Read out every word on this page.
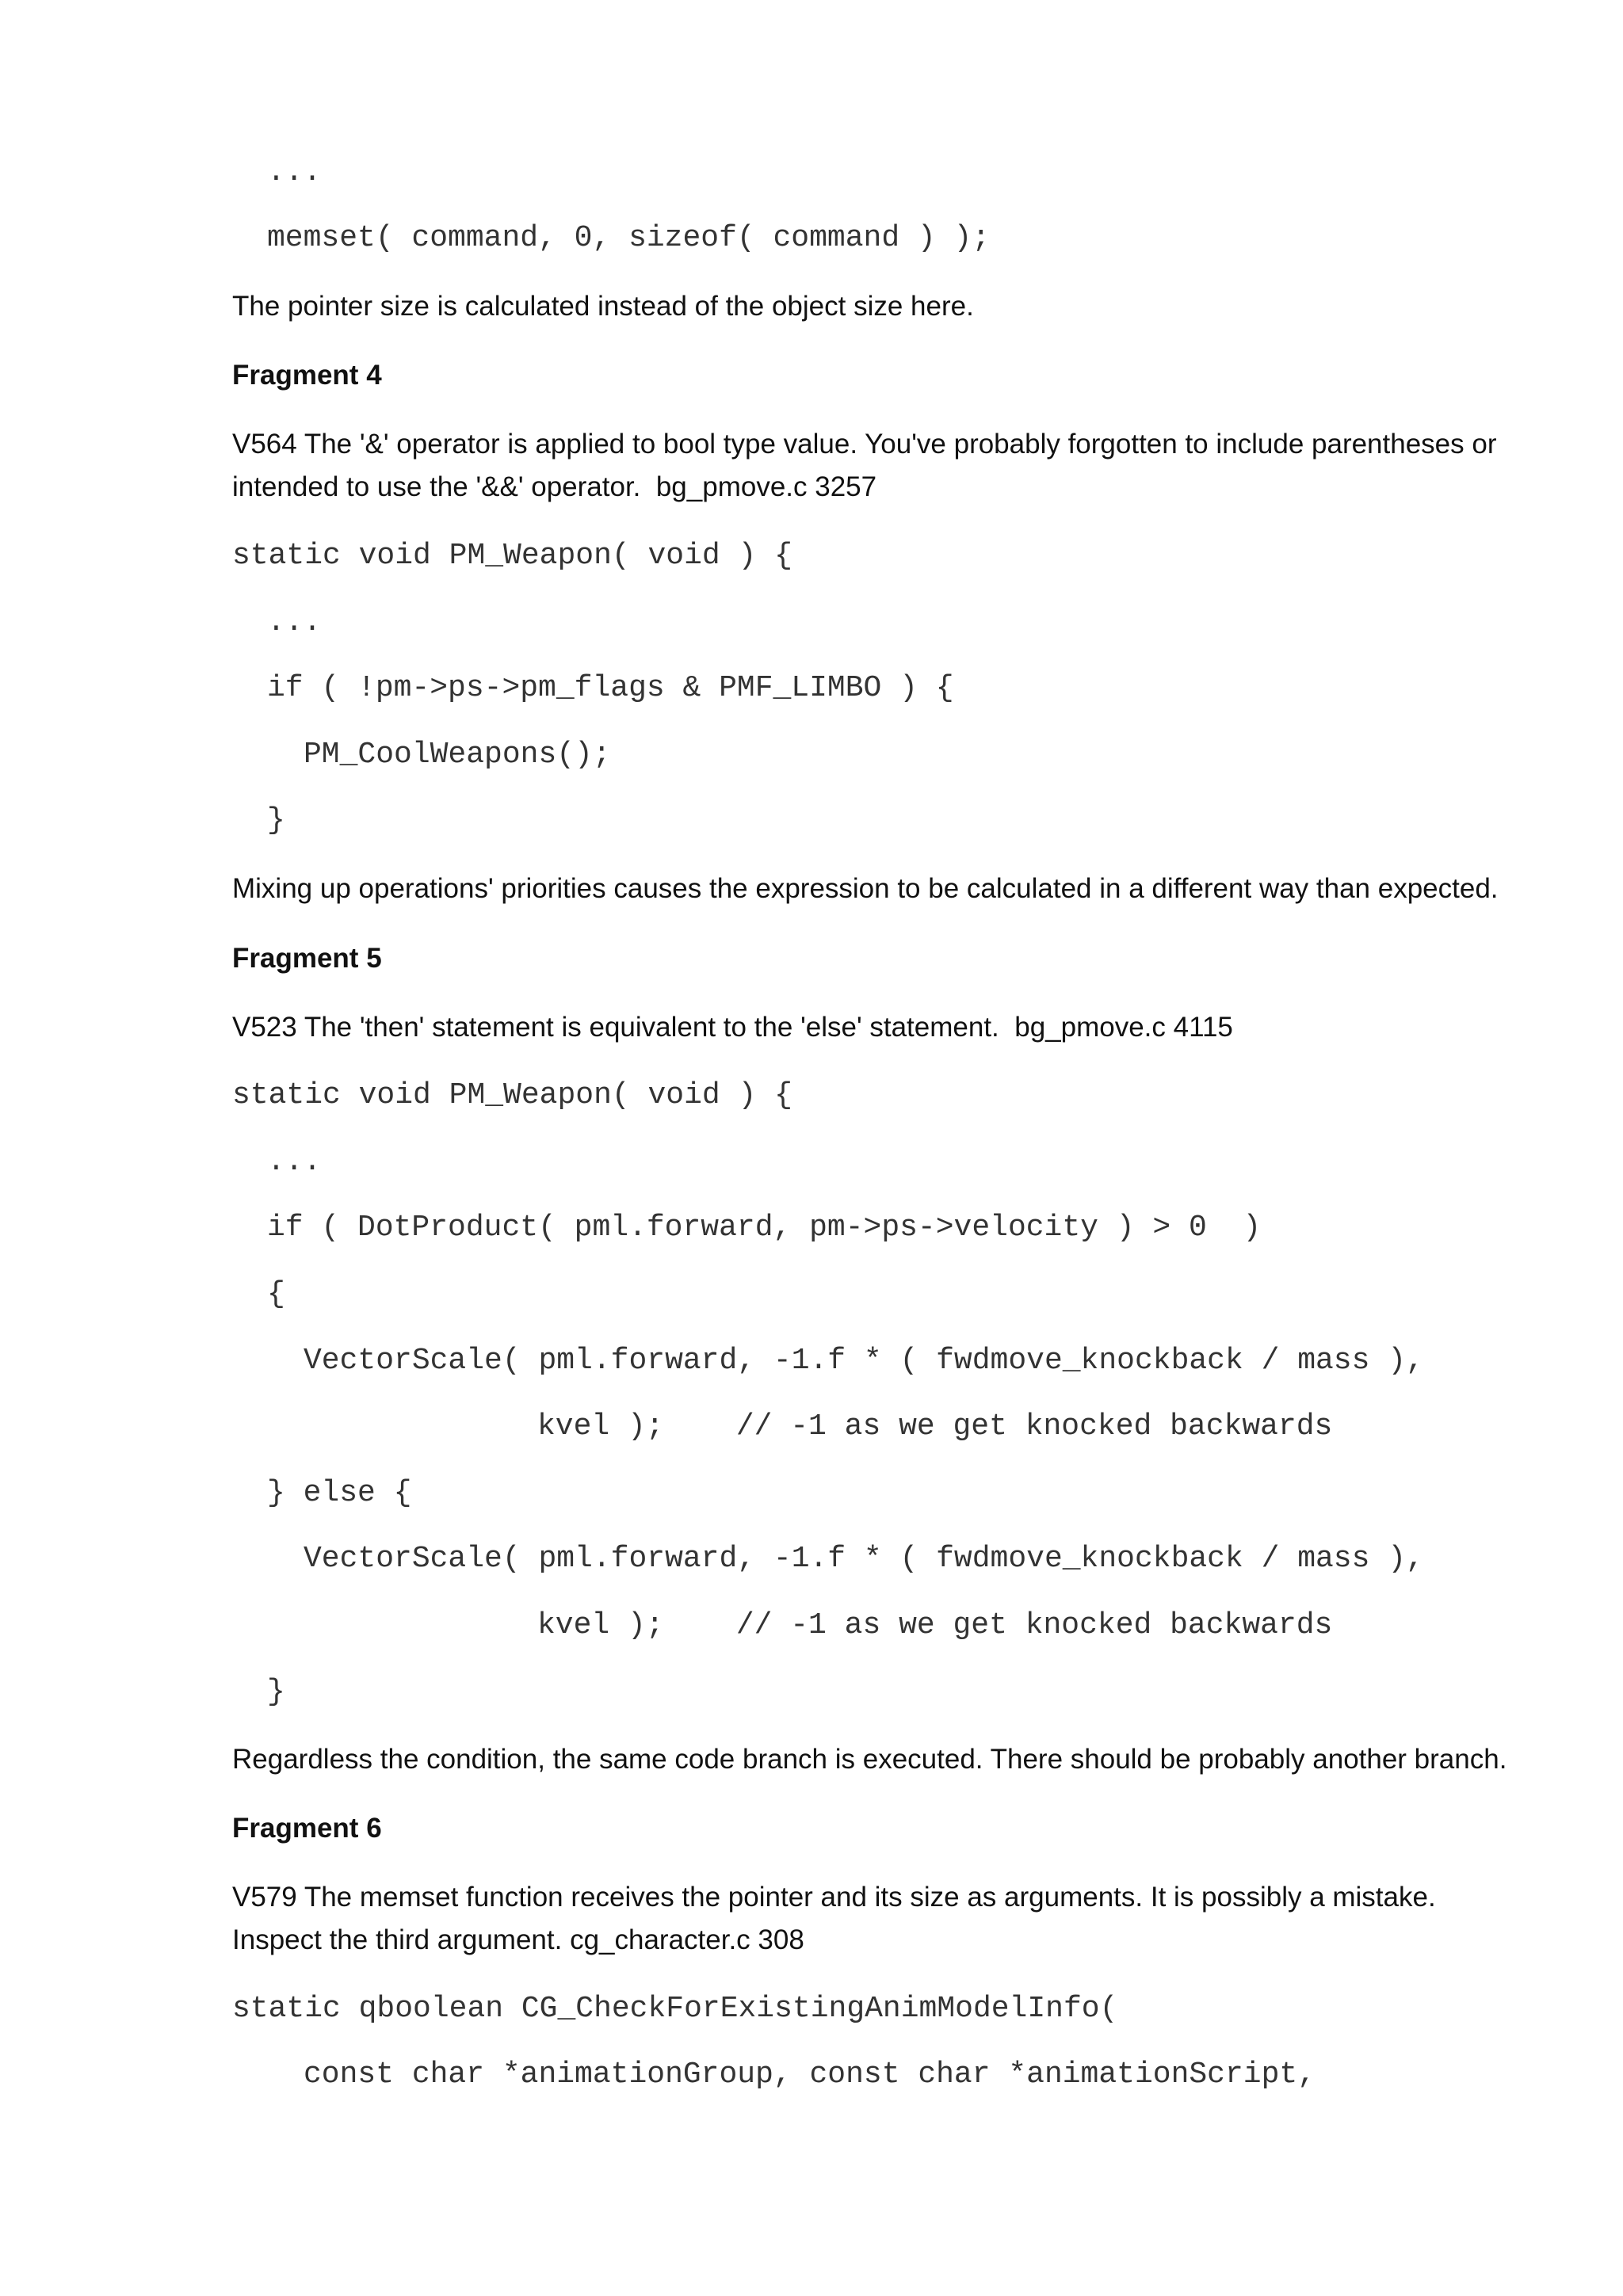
...
memset( command, 0, sizeof( command ) );
The pointer size is calculated instead of the object size here.
Fragment 4
V564 The '&' operator is applied to bool type value. You've probably forgotten to include parentheses or
intended to use the '&&' operator.  bg_pmove.c 3257
static void PM_Weapon( void ) {
...
if ( !pm->ps->pm_flags & PMF_LIMBO ) {
PM_CoolWeapons();
}
Mixing up operations' priorities causes the expression to be calculated in a different way than expected.
Fragment 5
V523 The 'then' statement is equivalent to the 'else' statement.  bg_pmove.c 4115
static void PM_Weapon( void ) {
...
if ( DotProduct( pml.forward, pm->ps->velocity ) > 0  )
{
VectorScale( pml.forward, -1.f * ( fwdmove_knockback / mass ),
kvel );    // -1 as we get knocked backwards
} else {
VectorScale( pml.forward, -1.f * ( fwdmove_knockback / mass ),
kvel );    // -1 as we get knocked backwards
}
Regardless the condition, the same code branch is executed. There should be probably another branch.
Fragment 6
V579 The memset function receives the pointer and its size as arguments. It is possibly a mistake.
Inspect the third argument. cg_character.c 308
static qboolean CG_CheckForExistingAnimModelInfo(
const char *animationGroup, const char *animationScript,
